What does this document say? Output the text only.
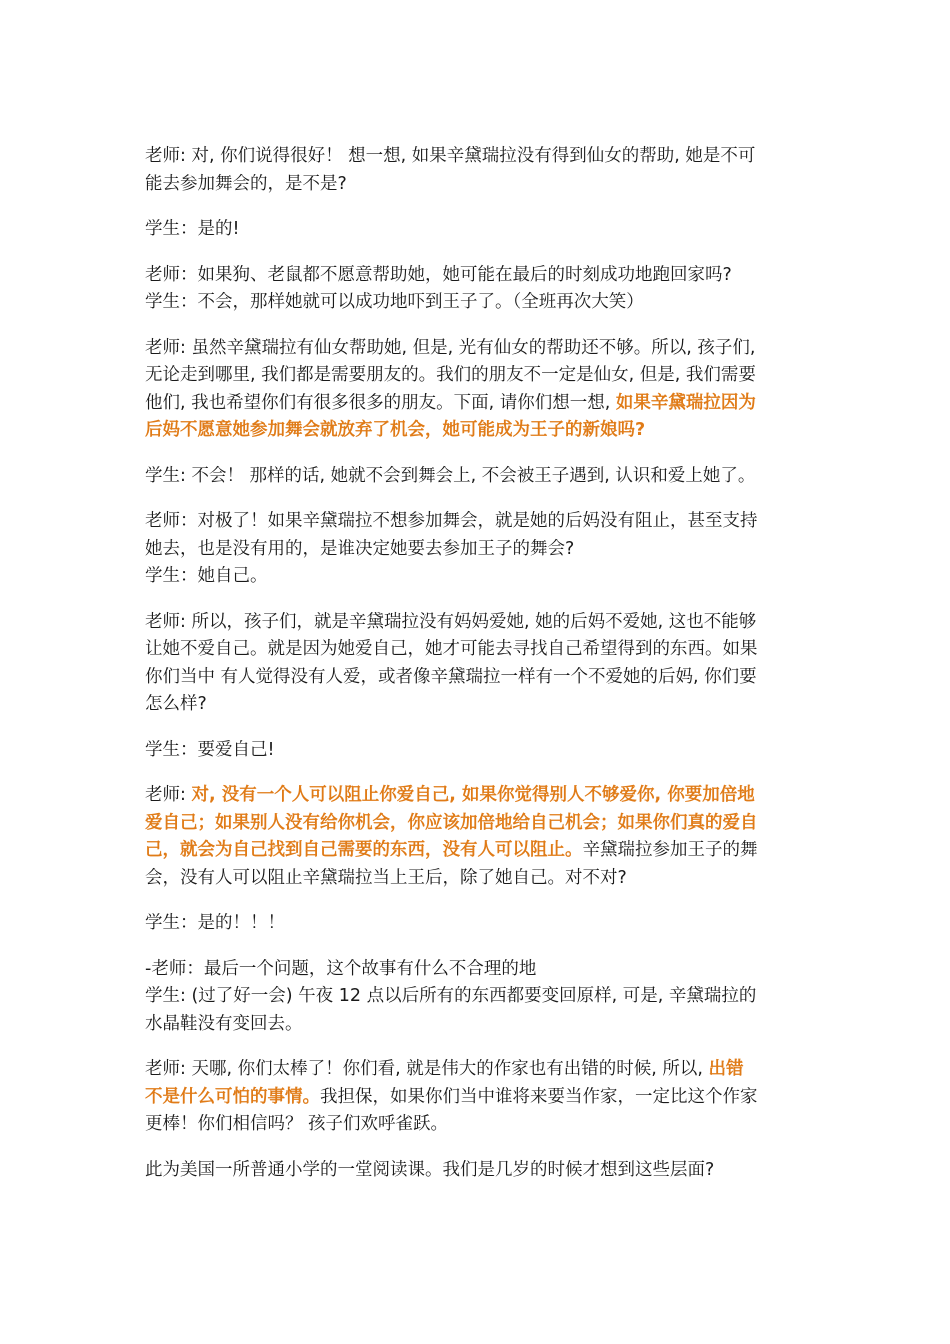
老师: 对, 你们说得很好！ 想一想, 如果辛黛瑞拉没有得到仙女的帮助, 她是不可
能去参加舞会的，是不是?

学生：是的!

老师：如果狗、老鼠都不愿意帮助她，她可能在最后的时刻成功地跑回家吗?
学生：不会，那样她就可以成功地吓到王子了。（全班再次大笑）

老师: 虽然辛黛瑞拉有仙女帮助她, 但是, 光有仙女的帮助还不够。所以, 孩子们,
无论走到哪里, 我们都是需要朋友的。我们的朋友不一定是仙女, 但是, 我们需要
他们, 我也希望你们有很多很多的朋友。下面, 请你们想一想, 如果辛黛瑞拉因为
后妈不愿意她参加舞会就放弃了机会，她可能成为王子的新娘吗?

学生: 不会！ 那样的话, 她就不会到舞会上, 不会被王子遇到, 认识和爱上她了。

老师：对极了！如果辛黛瑞拉不想参加舞会，就是她的后妈没有阻止，甚至支持
她去，也是没有用的，是谁决定她要去参加王子的舞会?
学生：她自己。

老师: 所以，孩子们，就是辛黛瑞拉没有妈妈爱她, 她的后妈不爱她, 这也不能够
让她不爱自己。就是因为她爱自己，她才可能去寻找自己希望得到的东西。如果
你们当中 有人觉得没有人爱，或者像辛黛瑞拉一样有一个不爱她的后妈, 你们要
怎么样?

学生：要爱自己!

老师: 对, 没有一个人可以阻止你爱自己, 如果你觉得别人不够爱你, 你要加倍地
爱自己；如果别人没有给你机会，你应该加倍地给自己机会；如果你们真的爱自
己，就会为自己找到自己需要的东西，没有人可以阻止。辛黛瑞拉参加王子的舞
会，没有人可以阻止辛黛瑞拉当上王后，除了她自己。对不对?

学生：是的！！！

-老师：最后一个问题，这个故事有什么不合理的地
学生: (过了好一会) 午夜 12 点以后所有的东西都要变回原样, 可是, 辛黛瑞拉的
水晶鞋没有变回去。

老师: 天哪, 你们太棒了！你们看, 就是伟大的作家也有出错的时候, 所以, 出错
不是什么可怕的事情。我担保，如果你们当中谁将来要当作家，一定比这个作家
更棒！你们相信吗？ 孩子们欢呼雀跃。

此为美国一所普通小学的一堂阅读课。我们是几岁的时候才想到这些层面?
